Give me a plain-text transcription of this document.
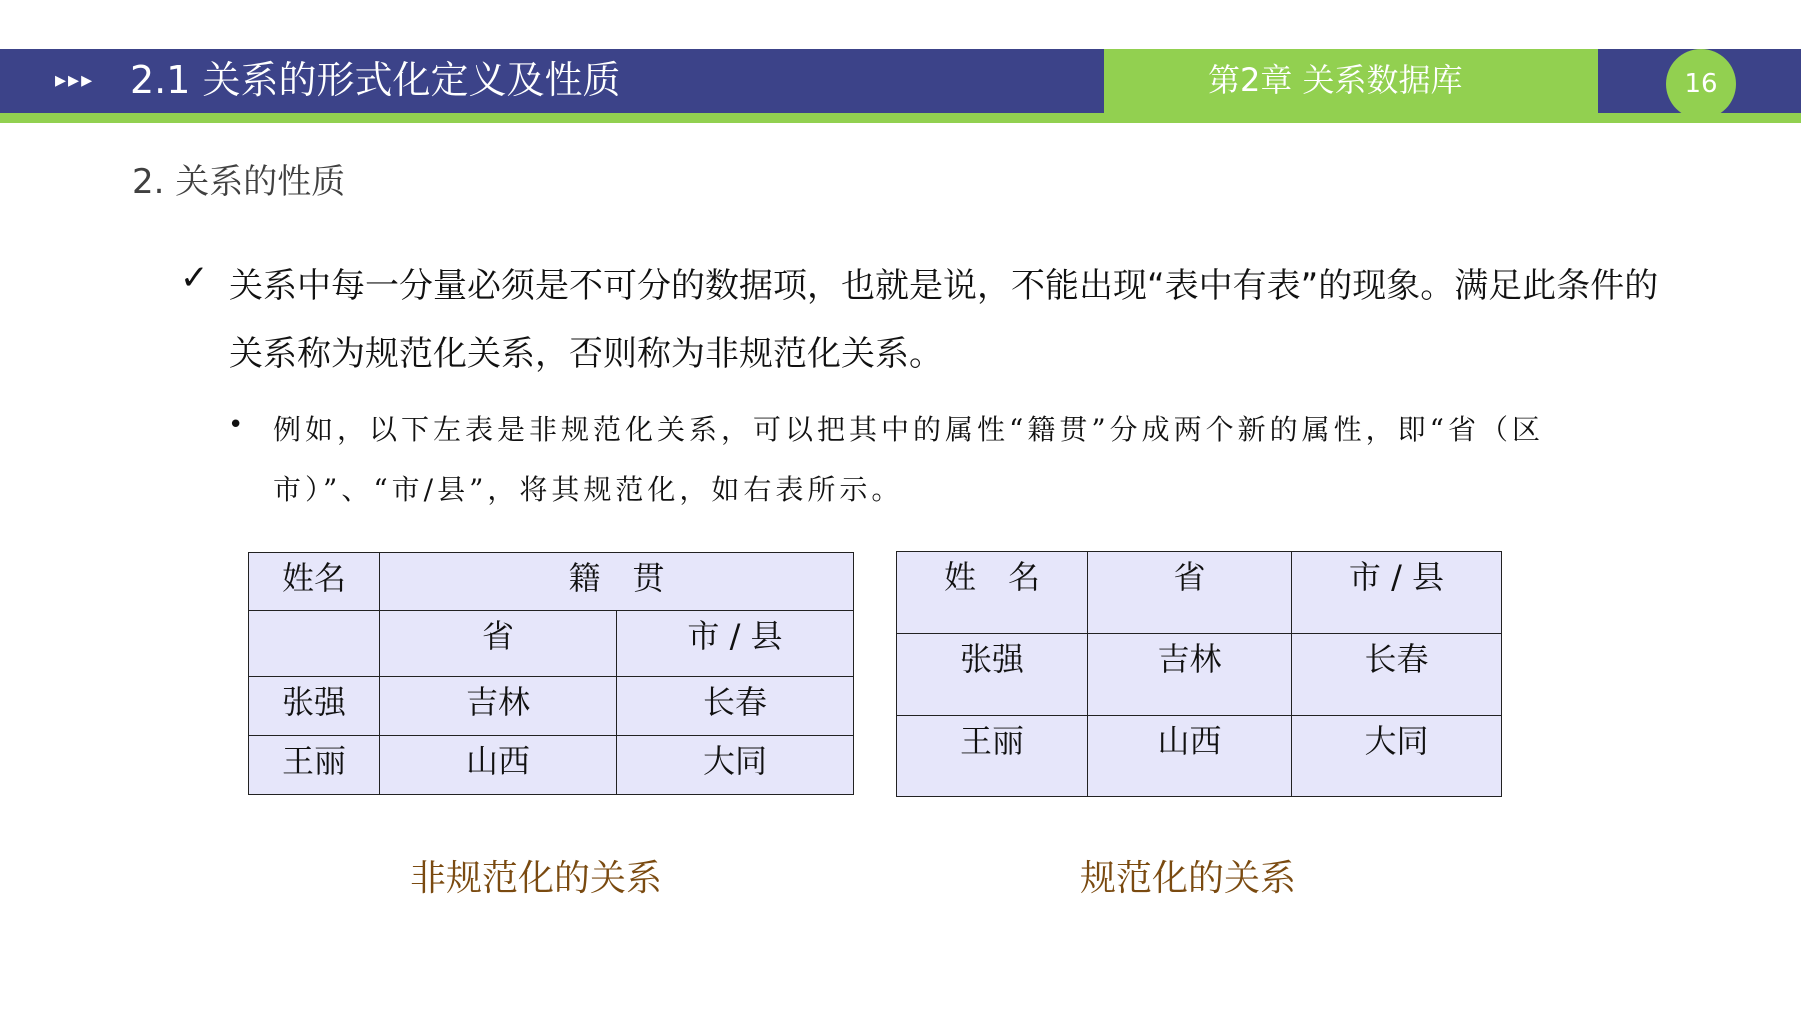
▸▸▸ 2.1 关系的形式化定义及性质	第2章 关系数据库	16
2. 关系的性质
✓ 关系中每一分量必须是不可分的数据项，也就是说，不能出现“表中有表”的现象。满足此条件的关系称为规范化关系，否则称为非规范化关系。
• 例如，以下左表是非规范化关系，可以把其中的属性“籍贯”分成两个新的属性，即“省（区市）”、“市/县”，将其规范化，如右表所示。
姓名	籍　贯	
	省	市 / 县
张强	吉林	长春
王丽	山西	大同
姓　名	省	市 / 县
张强	吉林	长春
王丽	山西	大同
非规范化的关系	规范化的关系
